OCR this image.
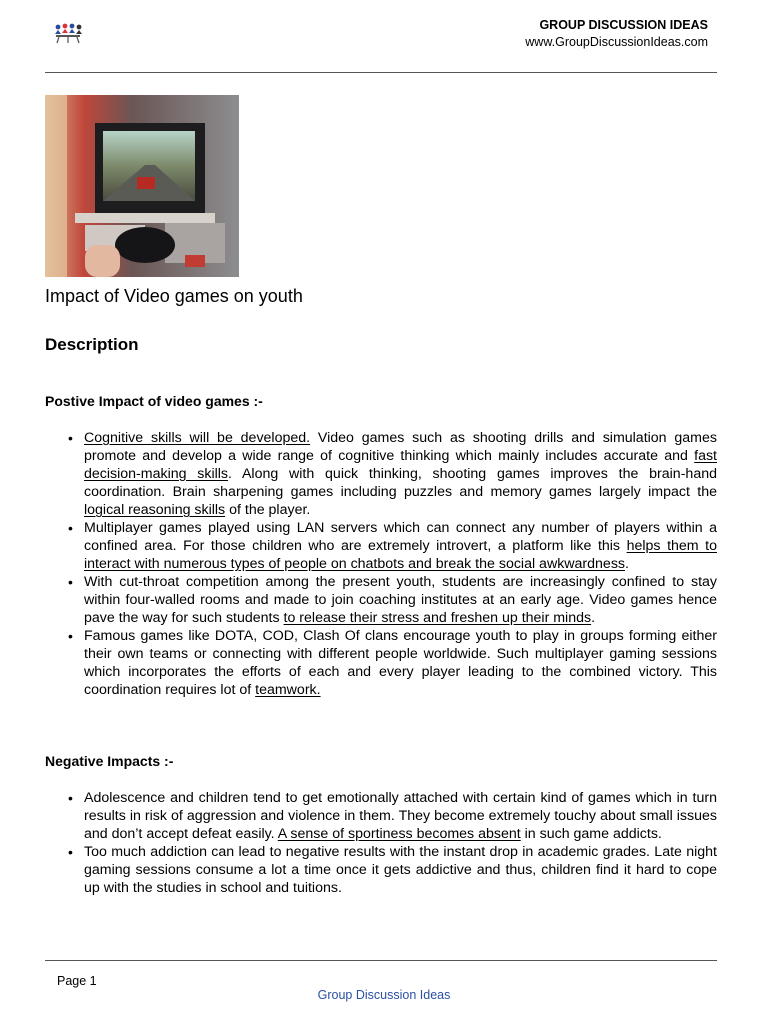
GROUP DISCUSSION IDEAS
www.GroupDiscussionIdeas.com
Impact of Video games on youth
Description
Postive Impact of video games :-
• Cognitive skills will be developed. Video games such as shooting drills and simulation games promote and develop a wide range of cognitive thinking which mainly includes accurate and fast decision-making skills. Along with quick thinking, shooting games improves the brain-hand coordination. Brain sharpening games including puzzles and memory games largely impact the logical reasoning skills of the player.
• Multiplayer games played using LAN servers which can connect any number of players within a confined area. For those children who are extremely introvert, a platform like this helps them to interact with numerous types of people on chatbots and break the social awkwardness.
• With cut-throat competition among the present youth, students are increasingly confined to stay within four-walled rooms and made to join coaching institutes at an early age. Video games hence pave the way for such students to release their stress and freshen up their minds.
• Famous games like DOTA, COD, Clash Of clans encourage youth to play in groups forming either their own teams or connecting with different people worldwide. Such multiplayer gaming sessions which incorporates the efforts of each and every player leading to the combined victory. This coordination requires lot of teamwork.
Negative Impacts :-
• Adolescence and children tend to get emotionally attached with certain kind of games which in turn results in risk of aggression and violence in them. They become extremely touchy about small issues and don’t accept defeat easily. A sense of sportiness becomes absent in such game addicts.
• Too much addiction can lead to negative results with the instant drop in academic grades. Late night gaming sessions consume a lot a time once it gets addictive and thus, children find it hard to cope up with the studies in school and tuitions.
Page 1
Group Discussion Ideas
